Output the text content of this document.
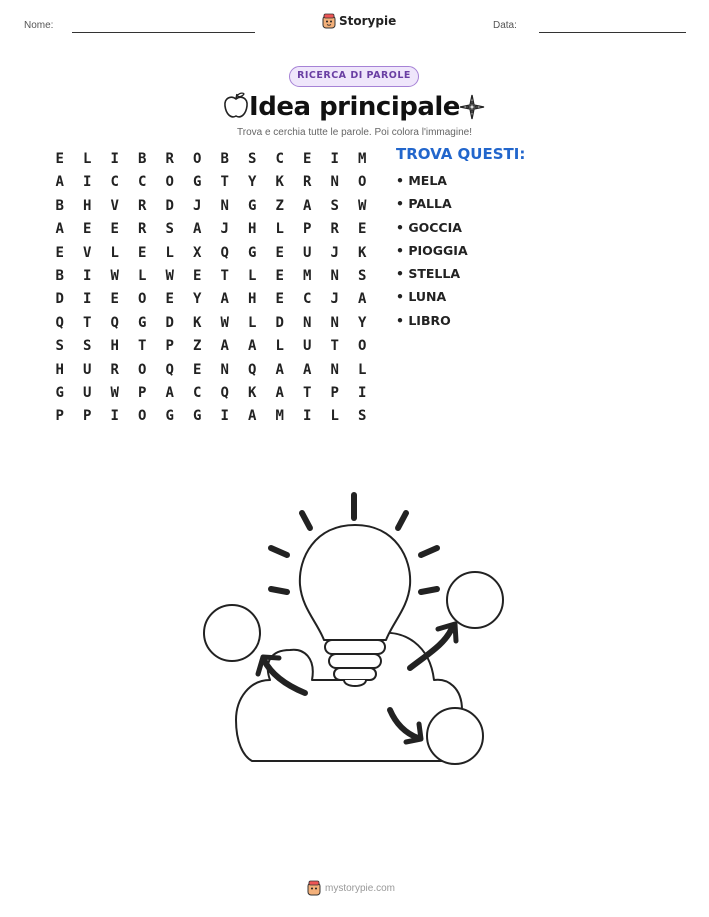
Nome:	Storypie	Data:
RICERCA DI PAROLE
Idea principale
Trova e cerchia tutte le parole. Poi colora l'immagine!
E	L	I	B	R	O	B	S	C	E	I	M
A	I	C	C	O	G	T	Y	K	R	N	O
B	H	V	R	D	J	N	G	Z	A	S	W
A	E	E	R	S	A	J	H	L	P	R	E
E	V	L	E	L	X	Q	G	E	U	J	K
B	I	W	L	W	E	T	L	E	M	N	S
D	I	E	O	E	Y	A	H	E	C	J	A
Q	T	Q	G	D	K	W	L	D	N	N	Y
S	S	H	T	P	Z	A	A	L	U	T	O
H	U	R	O	Q	E	N	Q	A	A	N	L
G	U	W	P	A	C	Q	K	A	T	P	I
P	P	I	O	G	G	I	A	M	I	L	S
TROVA QUESTI:
• MELA
• PALLA
• GOCCIA
• PIOGGIA
• STELLA
• LUNA
• LIBRO
mystorypie.com
